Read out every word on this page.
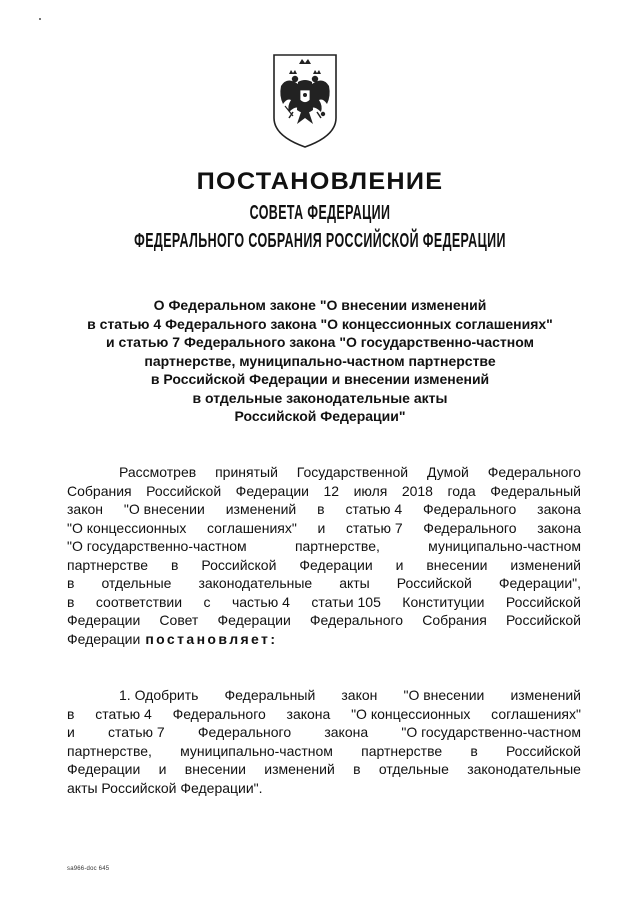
ПОСТАНОВЛЕНИЕ
СОВЕТА ФЕДЕРАЦИИ
ФЕДЕРАЛЬНОГО СОБРАНИЯ РОССИЙСКОЙ ФЕДЕРАЦИИ
О Федеральном законе "О внесении изменений
в статью 4 Федерального закона "О концессионных соглашениях"
и статью 7 Федерального закона "О государственно-частном
партнерстве, муниципально-частном партнерстве
в Российской Федерации и внесении изменений
в отдельные законодательные акты
Российской Федерации"
Рассмотрев принятый Государственной Думой Федерального
Собрания Российской Федерации 12 июля 2018 года Федеральный
закон "О внесении изменений в статью 4 Федерального закона
"О концессионных соглашениях" и статью 7 Федерального закона
"О государственно-частном	партнерстве,	муниципально-частном
партнерстве в Российской Федерации и внесении изменений
в отдельные законодательные акты Российской Федерации",
в соответствии с частью 4 статьи 105 Конституции Российской
Федерации Совет Федерации Федерального Собрания Российской
Федерации постановляет:
1. Одобрить Федеральный закон "О внесении изменений
в статью 4 Федерального закона "О концессионных соглашениях"
и статью 7 Федерального закона "О государственно-частном
партнерстве, муниципально-частном партнерстве в Российской
Федерации и внесении изменений в отдельные законодательные
акты Российской Федерации".
sa966-doc 645
